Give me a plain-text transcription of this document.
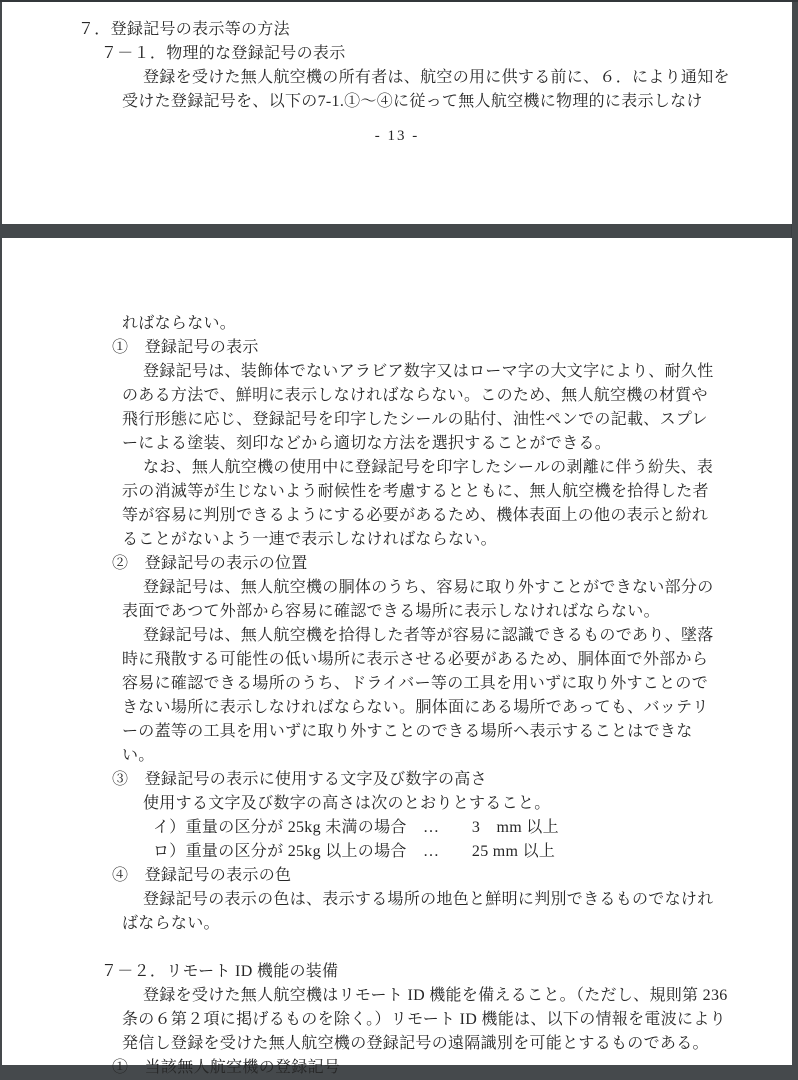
７．登録記号の表示等の方法
７－１．物理的な登録記号の表示
登録を受けた無人航空機の所有者は、航空の用に供する前に、６．により通知を
受けた登録記号を、以下の7-1.①～④に従って無人航空機に物理的に表示しなけ
- 13 -
ればならない。
①　登録記号の表示
登録記号は、装飾体でないアラビア数字又はローマ字の大文字により、耐久性
のある方法で、鮮明に表示しなければならない。このため、無人航空機の材質や
飛行形態に応じ、登録記号を印字したシールの貼付、油性ペンでの記載、スプレ
ーによる塗装、刻印などから適切な方法を選択することができる。
なお、無人航空機の使用中に登録記号を印字したシールの剥離に伴う紛失、表
示の消滅等が生じないよう耐候性を考慮するとともに、無人航空機を拾得した者
等が容易に判別できるようにする必要があるため、機体表面上の他の表示と紛れ
ることがないよう一連で表示しなければならない。
②　登録記号の表示の位置
登録記号は、無人航空機の胴体のうち、容易に取り外すことができない部分の
表面であつて外部から容易に確認できる場所に表示しなければならない。
登録記号は、無人航空機を拾得した者等が容易に認識できるものであり、墜落
時に飛散する可能性の低い場所に表示させる必要があるため、胴体面で外部から
容易に確認できる場所のうち、ドライバー等の工具を用いずに取り外すことので
きない場所に表示しなければならない。胴体面にある場所であっても、バッテリ
ーの蓋等の工具を用いずに取り外すことのできる場所へ表示することはできな
い。
③　登録記号の表示に使用する文字及び数字の高さ
使用する文字及び数字の高さは次のとおりとすること。
イ）重量の区分が 25kg 未満の場合　…　　3　mm 以上
ロ）重量の区分が 25kg 以上の場合　…　　25 mm 以上
④　登録記号の表示の色
登録記号の表示の色は、表示する場所の地色と鮮明に判別できるものでなけれ
ばならない。
７－２．リモート ID 機能の装備
登録を受けた無人航空機はリモート ID 機能を備えること。（ただし、規則第 236
条の６第２項に掲げるものを除く。）リモート ID 機能は、以下の情報を電波により
発信し登録を受けた無人航空機の登録記号の遠隔識別を可能とするものである。
①　当該無人航空機の登録記号
